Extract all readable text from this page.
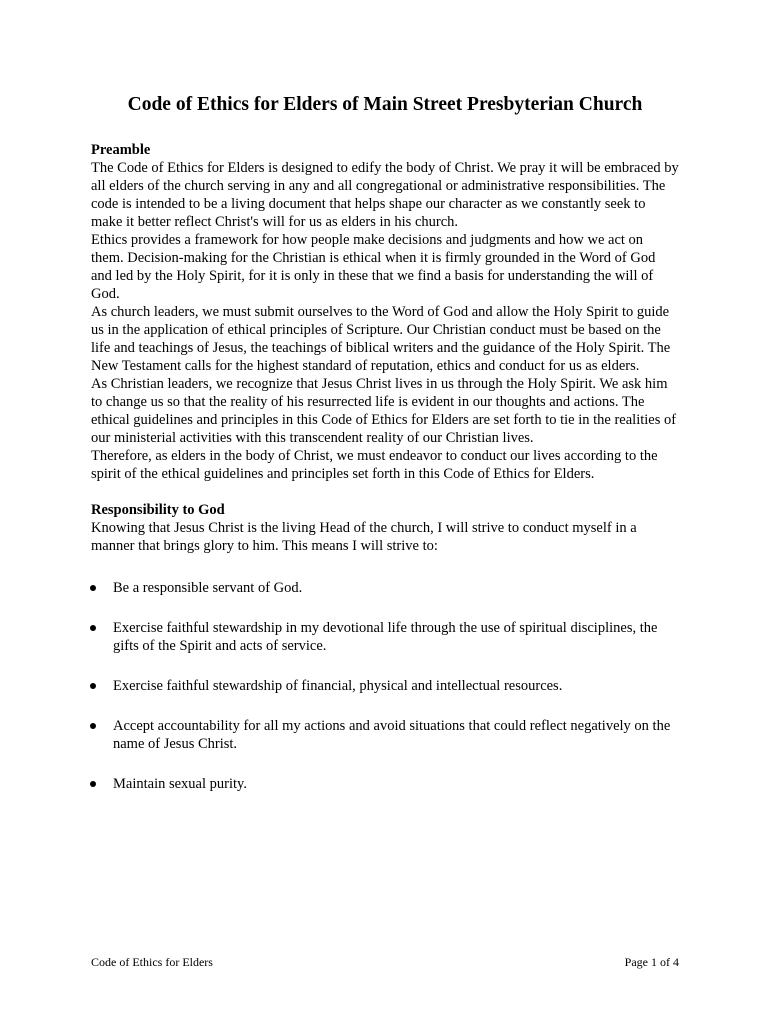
Code of Ethics for Elders of Main Street Presbyterian Church
Preamble

The Code of Ethics for Elders is designed to edify the body of Christ. We pray it will be embraced by all elders of the church serving in any and all congregational or administrative responsibilities. The code is intended to be a living document that helps shape our character as we constantly seek to make it better reflect Christ's will for us as elders in his church.

Ethics provides a framework for how people make decisions and judgments and how we act on them. Decision-making for the Christian is ethical when it is firmly grounded in the Word of God and led by the Holy Spirit, for it is only in these that we find a basis for understanding the will of God.

As church leaders, we must submit ourselves to the Word of God and allow the Holy Spirit to guide us in the application of ethical principles of Scripture. Our Christian conduct must be based on the life and teachings of Jesus, the teachings of biblical writers and the guidance of the Holy Spirit. The New Testament calls for the highest standard of reputation, ethics and conduct for us as elders.

As Christian leaders, we recognize that Jesus Christ lives in us through the Holy Spirit. We ask him to change us so that the reality of his resurrected life is evident in our thoughts and actions. The ethical guidelines and principles in this Code of Ethics for Elders are set forth to tie in the realities of our ministerial activities with this transcendent reality of our Christian lives.

Therefore, as elders in the body of Christ, we must endeavor to conduct our lives according to the spirit of the ethical guidelines and principles set forth in this Code of Ethics for Elders.

Responsibility to God

Knowing that Jesus Christ is the living Head of the church, I will strive to conduct myself in a manner that brings glory to him. This means I will strive to:

Be a responsible servant of God.
Exercise faithful stewardship in my devotional life through the use of spiritual disciplines, the gifts of the Spirit and acts of service.
Exercise faithful stewardship of financial, physical and intellectual resources.
Accept accountability for all my actions and avoid situations that could reflect negatively on the name of Jesus Christ.
Maintain sexual purity.
Code of Ethics for Elders	Page 1 of 4
